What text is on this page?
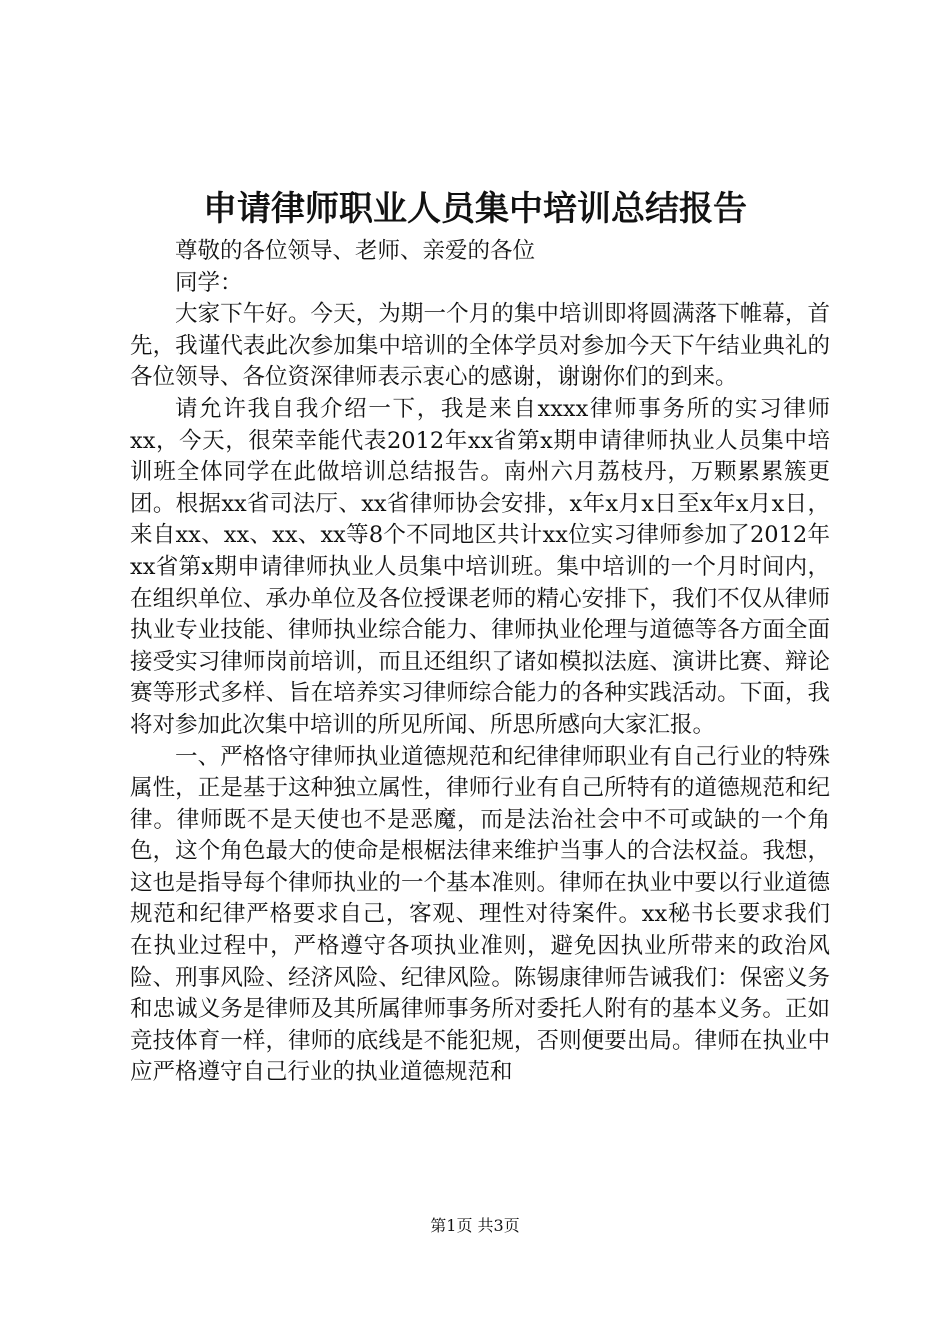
申请律师职业人员集中培训总结报告

尊敬的各位领导、老师、亲爱的各位

同学：

大家下午好。今天，为期一个月的集中培训即将圆满落下帷幕，首先，我谨代表此次参加集中培训的全体学员对参加今天下午结业典礼的各位领导、各位资深律师表示衷心的感谢，谢谢你们的到来。

请允许我自我介绍一下，我是来自xxxx律师事务所的实习律师xx，今天，很荣幸能代表2012年xx省第x期申请律师执业人员集中培训班全体同学在此做培训总结报告。南州六月荔枝丹，万颗累累簇更团。根据xx省司法厅、xx省律师协会安排，x年x月x日至x年x月x日，来自xx、xx、xx、xx等8个不同地区共计xx位实习律师参加了2012年xx省第x期申请律师执业人员集中培训班。集中培训的一个月时间内，在组织单位、承办单位及各位授课老师的精心安排下，我们不仅从律师执业专业技能、律师执业综合能力、律师执业伦理与道德等各方面全面接受实习律师岗前培训，而且还组织了诸如模拟法庭、演讲比赛、辩论赛等形式多样、旨在培养实习律师综合能力的各种实践活动。下面，我将对参加此次集中培训的所见所闻、所思所感向大家汇报。

一、严格恪守律师执业道德规范和纪律律师职业有自己行业的特殊属性，正是基于这种独立属性，律师行业有自己所特有的道德规范和纪律。律师既不是天使也不是恶魔，而是法治社会中不可或缺的一个角色，这个角色最大的使命是根椐法律来维护当事人的合法权益。我想，这也是指导每个律师执业的一个基本准则。律师在执业中要以行业道德规范和纪律严格要求自己，客观、理性对待案件。xx秘书长要求我们在执业过程中，严格遵守各项执业准则，避免因执业所带来的政治风险、刑事风险、经济风险、纪律风险。陈锡康律师告诫我们：保密义务和忠诚义务是律师及其所属律师事务所对委托人附有的基本义务。正如竞技体育一样，律师的底线是不能犯规，否则便要出局。律师在执业中应严格遵守自己行业的执业道德规范和

第1页 共3页
